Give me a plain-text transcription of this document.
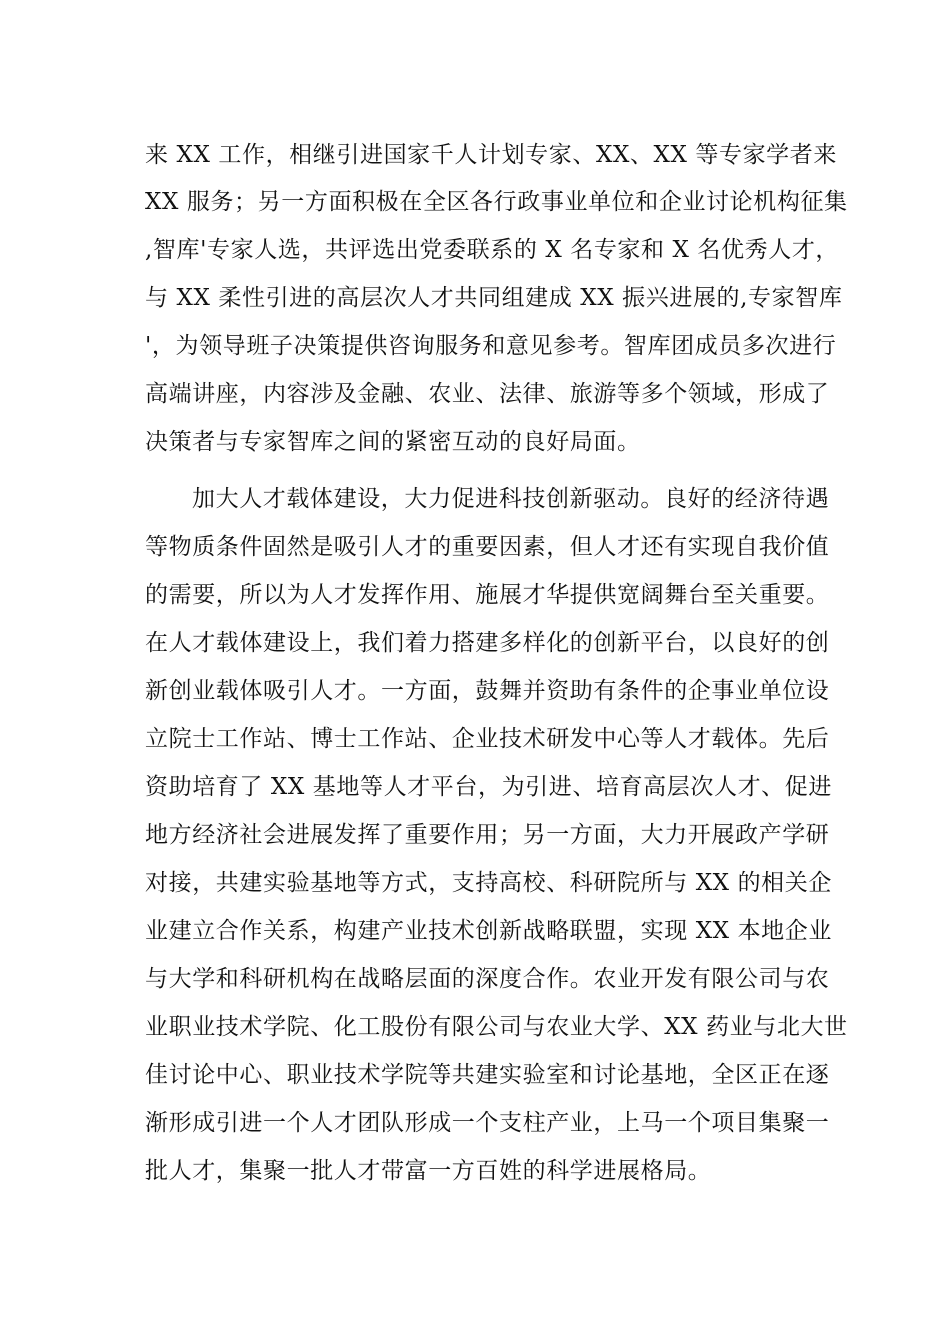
来 XX 工作，相继引进国家千人计划专家、XX、XX 等专家学者来
XX 服务；另一方面积极在全区各行政事业单位和企业讨论机构征集
,智库'专家人选，共评选出党委联系的 X 名专家和 X 名优秀人才，
与 XX 柔性引进的高层次人才共同组建成 XX 振兴进展的,专家智库
'，为领导班子决策提供咨询服务和意见参考。智库团成员多次进行
高端讲座，内容涉及金融、农业、法律、旅游等多个领域，形成了
决策者与专家智库之间的紧密互动的良好局面。
加大人才载体建设，大力促进科技创新驱动。良好的经济待遇
等物质条件固然是吸引人才的重要因素，但人才还有实现自我价值
的需要，所以为人才发挥作用、施展才华提供宽阔舞台至关重要。
在人才载体建设上，我们着力搭建多样化的创新平台，以良好的创
新创业载体吸引人才。一方面，鼓舞并资助有条件的企事业单位设
立院士工作站、博士工作站、企业技术研发中心等人才载体。先后
资助培育了 XX 基地等人才平台，为引进、培育高层次人才、促进
地方经济社会进展发挥了重要作用；另一方面，大力开展政产学研
对接，共建实验基地等方式，支持高校、科研院所与 XX 的相关企
业建立合作关系，构建产业技术创新战略联盟，实现 XX 本地企业
与大学和科研机构在战略层面的深度合作。农业开发有限公司与农
业职业技术学院、化工股份有限公司与农业大学、XX 药业与北大世
佳讨论中心、职业技术学院等共建实验室和讨论基地，全区正在逐
渐形成引进一个人才团队形成一个支柱产业，上马一个项目集聚一
批人才，集聚一批人才带富一方百姓的科学进展格局。
